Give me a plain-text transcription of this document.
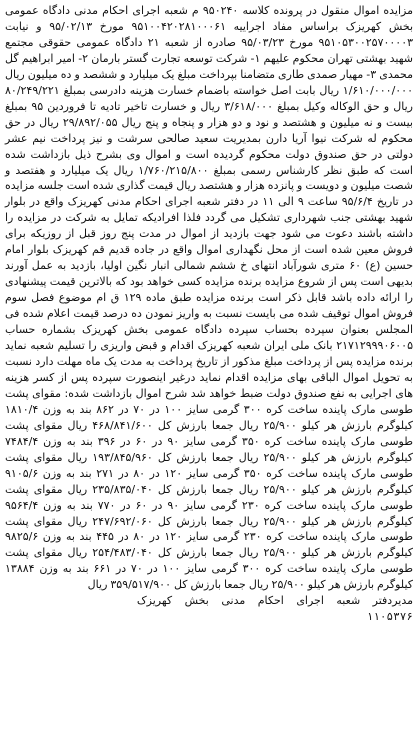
مزایده اموال منقول در پرونده کلاسه ۹۵۰۲۴۰ م شعبه اجرای احکام مدنی دادگاه عمومی بخش کهریزک براساس مفاد اجراییه ۹۵۱۰۰۴۲۰۲۸۱۰۰۰۶۱ مورخ ۹۵/۰۲/۱۳ و نیابت ۹۵۱۰۵۳۰۰۲۵۷۰۰۰۰۳ مورخ ۹۵/۰۳/۲۳ صادره از شعبه ۲۱ دادگاه عمومی حقوقی مجتمع شهید بهشتی تهران محکوم علیهم ۱- شرکت توسعه تجارت گستر بارمان ۲- امیر ابراهیم گل محمدی ۳- مهیار صمدی طاری متضامنا بپرداخت مبلغ یک میلیارد و ششصد و ده میلیون ریال ۱/۶۱۰/۰۰۰/۰۰۰ ریال بابت اصل خواسته باضمام خسارت هزینه دادرسی بمبلغ ۸۰/۲۴۹/۲۲۱ ریال و حق الوکاله وکیل بمبلغ ۳/۶۱۸/۰۰۰ ریال و خسارت تاخیر تادیه تا فروردین ۹۵ بمبلغ بیست و نه میلیون و هشتصد و نود و دو هزار و پنجاه و پنج ریال ۲۹/۸۹۲/۰۵۵ ریال در حق محکوم له شرکت نیوا آریا دارن بمدیریت سعید صالحی سرشت و نیز پرداخت نیم عشر دولتی در حق صندوق دولت محکوم گردیده است و اموال وی بشرح ذیل بازداشت شده است که طبق نظر کارشناس رسمی بمبلغ ۱/۷۶۰/۲۱۵/۸۰۰ ریال یک میلیارد و هفتصد و شصت میلیون و دویست و پانزده هزار و هشتصد ریال قیمت گذاری شده است جلسه مزایده در تاریخ ۹۵/۶/۴ ساعت ۹ الی ۱۱ در دفتر شعبه اجرای احکام مدنی کهریزک واقع در بلوار شهید بهشتی جنب شهرداری تشکیل می گردد فلذا افرادیکه تمایل به شرکت در مزایده را داشته باشند دعوت می شود جهت بازدید از اموال در مدت پنج روز قبل از روزیکه برای فروش معین شده است از محل نگهداری اموال واقع در جاده قدیم قم کهریزک بلوار امام حسین (ع) ۶۰ متری شورآباد انتهای خ ششم شمالی انبار نگین اولیا، بازدید به عمل آورند بدیهی است پس از شروع مزایده برنده مزایده کسی خواهد بود که بالاترین قیمت پیشنهادی را ارائه داده باشد قابل ذکر است برنده مزایده طبق ماده ۱۲۹ ق ام موضوع فصل سوم فروش اموال توقیف شده می بایست نسبت به واریز نمودن ده درصد قیمت اعلام شده فی المجلس بعنوان سپرده بحساب سپرده دادگاه عمومی بخش کهریزک بشماره حساب ۲۱۷۱۲۹۹۹۰۶۰۰۵ بانک ملی ایران شعبه کهریزک اقدام و قبض واریزی را تسلیم شعبه نماید برنده مزایده پس از پرداخت مبلغ مذکور از تاریخ پرداخت به مدت یک ماه مهلت دارد نسبت به تحویل اموال الباقی بهای مزایده اقدام نماید درغیر اینصورت سپرده پس از کسر هزینه های اجرایی به نفع صندوق دولت ضبط خواهد شد شرح اموال بازداشت شده: مقوای پشت طوسی مارک پاینده ساخت کره ۳۰۰ گرمی سایز ۱۰۰ در ۷۰ در ۸۶۲ بند به وزن ۱۸۱۰/۴ کیلوگرم بارزش هر کیلو ۲۵/۹۰۰ ریال جمعا بارزش کل ۴۶۸/۸۴۱/۶۰۰ ریال مقوای پشت طوسی مارک پاینده ساخت کره ۳۵۰ گرمی سایز ۹۰ در ۶۰ در ۳۹۶ بند به وزن ۷۴۸۴/۴ کیلوگرم بارزش هر کیلو ۲۵/۹۰۰ ریال جمعا بارزش کل ۱۹۳/۸۴۵/۹۶۰ ریال مقوای پشت طوسی مارک پاینده ساخت کره ۳۵۰ گرمی سایز ۱۲۰ در ۸۰ در ۲۷۱ بند به وزن ۹۱۰۵/۶ کیلوگرم بارزش هر کیلو ۲۵/۹۰۰ ریال جمعا بارزش کل ۲۳۵/۸۳۵/۰۴۰ ریال مقوای پشت طوسی مارک پاینده ساخت کره ۲۳۰ گرمی سایز ۹۰ در ۶۰ در ۷۷۰ بند به وزن ۹۵۶۴/۴ کیلوگرم بارزش هر کیلو ۲۵/۹۰۰ ریال جمعا بارزش کل ۲۴۷/۶۹۲/۰۶۰ ریال مقوای پشت طوسی مارک پاینده ساخت کره ۲۳۰ گرمی سایز ۱۲۰ در ۸۰ در ۴۴۵ بند به وزن ۹۸۲۵/۶ کیلوگرم بارزش هر کیلو ۲۵/۹۰۰ ریال جمعا بارزش کل ۲۵۴/۴۸۳/۰۴۰ ریال مقوای پشت طوسی مارک پاینده ساخت کره ۳۰۰ گرمی سایز ۱۰۰ در ۷۰ در ۶۶۱ بند به وزن ۱۳۸۸۴ کیلوگرم بارزش هر کیلو ۲۵/۹۰۰ ریال جمعا بارزش کل ۳۵۹/۵۱۷/۹۰۰ ریال

مدیردفتر شعبه اجرای احکام مدنی بخش کهریزک

۱۱۰۵۳۷۶
